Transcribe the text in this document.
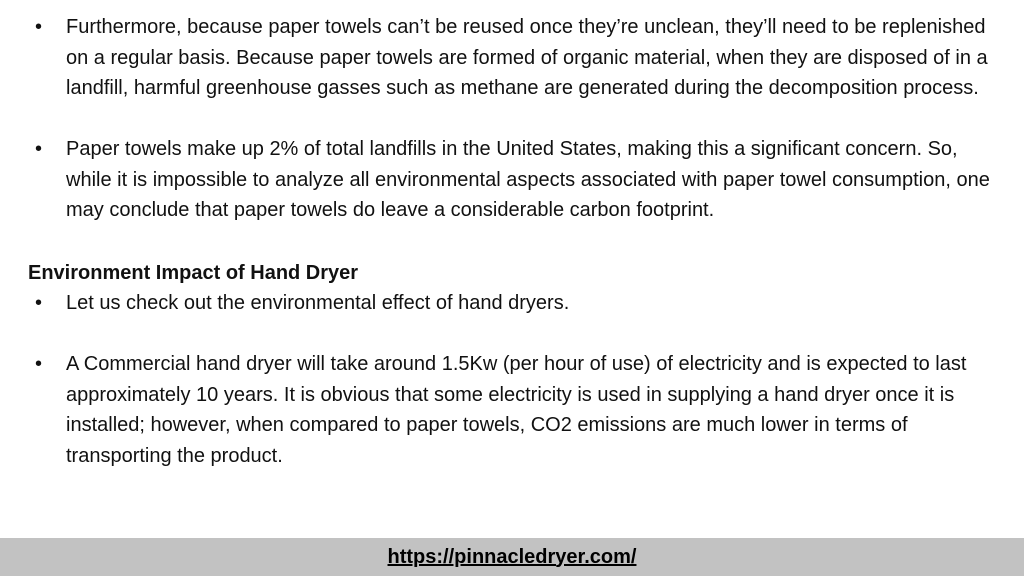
• Furthermore, because paper towels can’t be reused once they’re unclean, they’ll need to be replenished on a regular basis. Because paper towels are formed of organic material, when they are disposed of in a landfill, harmful greenhouse gasses such as methane are generated during the decomposition process.
• Paper towels make up 2% of total landfills in the United States, making this a significant concern. So, while it is impossible to analyze all environmental aspects associated with paper towel consumption, one may conclude that paper towels do leave a considerable carbon footprint.
Environment Impact of Hand Dryer
• Let us check out the environmental effect of hand dryers.
• A Commercial hand dryer will take around 1.5Kw (per hour of use) of electricity and is expected to last approximately 10 years. It is obvious that some electricity is used in supplying a hand dryer once it is installed; however, when compared to paper towels, CO2 emissions are much lower in terms of transporting the product.
https://pinnacledryer.com/
